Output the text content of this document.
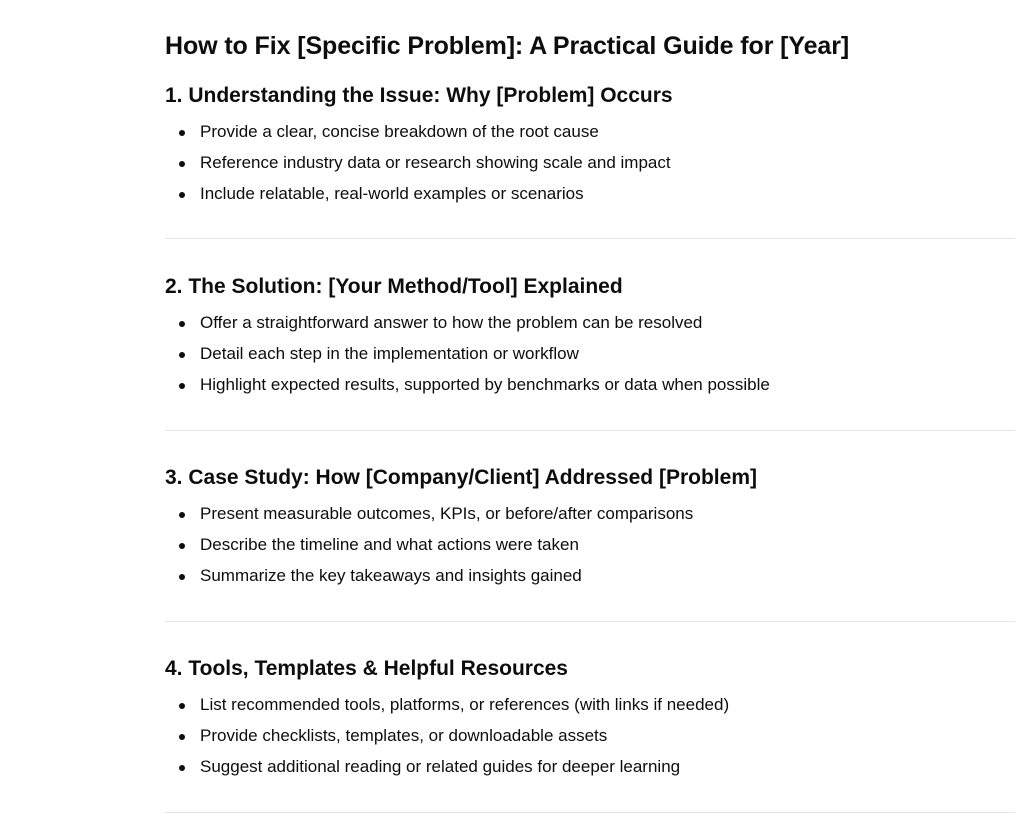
How to Fix [Specific Problem]: A Practical Guide for [Year]
1. Understanding the Issue: Why [Problem] Occurs
Provide a clear, concise breakdown of the root cause
Reference industry data or research showing scale and impact
Include relatable, real-world examples or scenarios
2. The Solution: [Your Method/Tool] Explained
Offer a straightforward answer to how the problem can be resolved
Detail each step in the implementation or workflow
Highlight expected results, supported by benchmarks or data when possible
3. Case Study: How [Company/Client] Addressed [Problem]
Present measurable outcomes, KPIs, or before/after comparisons
Describe the timeline and what actions were taken
Summarize the key takeaways and insights gained
4. Tools, Templates & Helpful Resources
List recommended tools, platforms, or references (with links if needed)
Provide checklists, templates, or downloadable assets
Suggest additional reading or related guides for deeper learning
